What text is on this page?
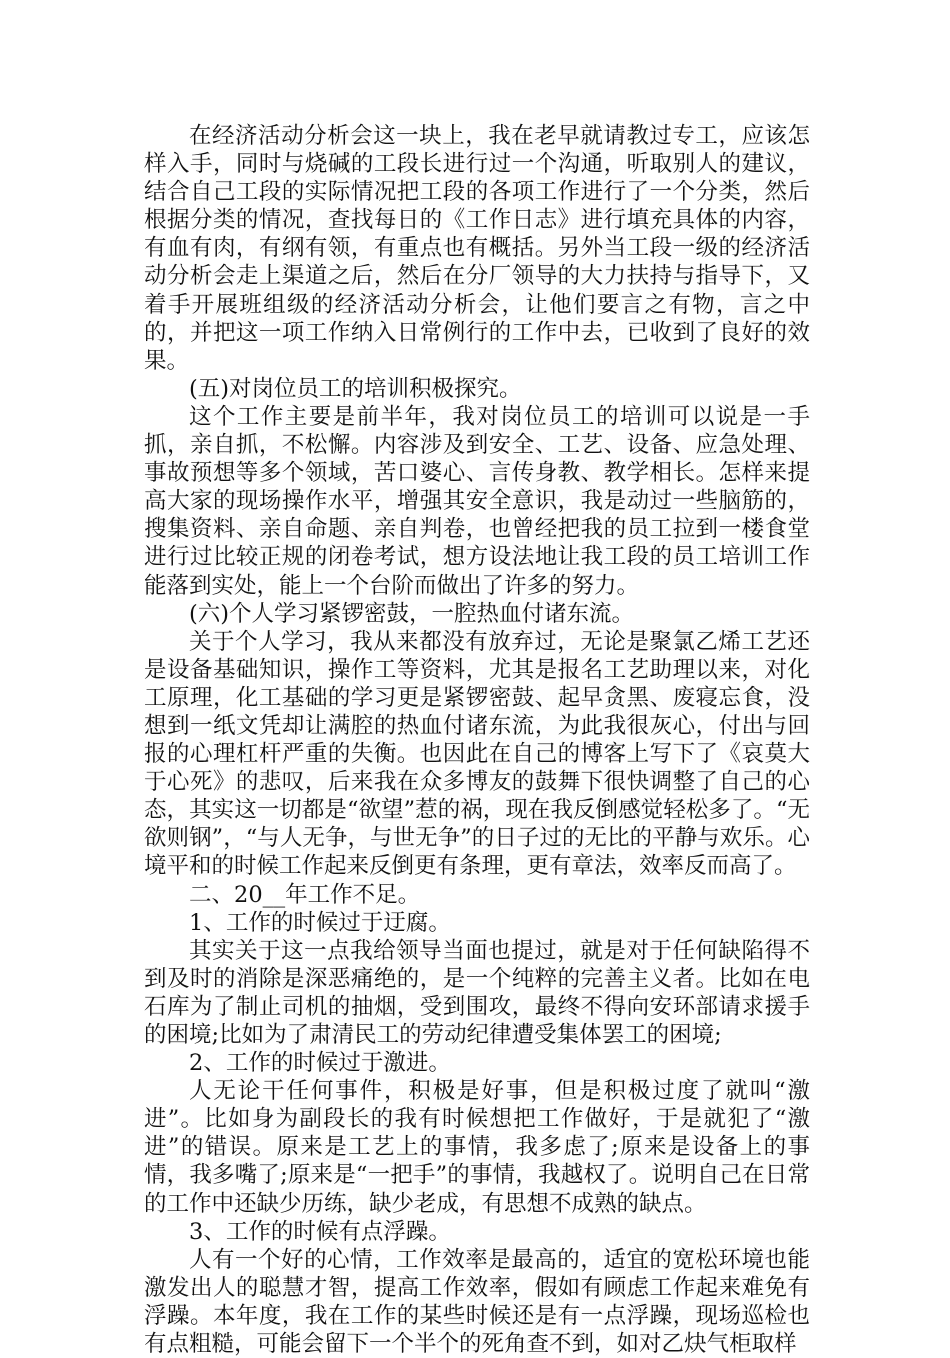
在经济活动分析会这一块上，我在老早就请教过专工，应该怎样入手，同时与烧碱的工段长进行过一个沟通，听取别人的建议，结合自己工段的实际情况把工段的各项工作进行了一个分类，然后根据分类的情况，查找每日的《工作日志》进行填充具体的内容，有血有肉，有纲有领，有重点也有概括。另外当工段一级的经济活动分析会走上渠道之后，然后在分厂领导的大力扶持与指导下，又着手开展班组级的经济活动分析会，让他们要言之有物，言之中的，并把这一项工作纳入日常例行的工作中去，已收到了良好的效果。

(五)对岗位员工的培训积极探究。

这个工作主要是前半年，我对岗位员工的培训可以说是一手抓，亲自抓，不松懈。内容涉及到安全、工艺、设备、应急处理、事故预想等多个领域，苦口婆心、言传身教、教学相长。怎样来提高大家的现场操作水平，增强其安全意识，我是动过一些脑筋的，搜集资料、亲自命题、亲自判卷，也曾经把我的员工拉到一楼食堂进行过比较正规的闭卷考试，想方设法地让我工段的员工培训工作能落到实处，能上一个台阶而做出了许多的努力。

(六)个人学习紧锣密鼓，一腔热血付诸东流。

关于个人学习，我从来都没有放弃过，无论是聚氯乙烯工艺还是设备基础知识，操作工等资料，尤其是报名工艺助理以来，对化工原理，化工基础的学习更是紧锣密鼓、起早贪黑、废寝忘食，没想到一纸文凭却让满腔的热血付诸东流，为此我很灰心，付出与回报的心理杠杆严重的失衡。也因此在自己的博客上写下了《哀莫大于心死》的悲叹，后来我在众多博友的鼓舞下很快调整了自己的心态，其实这一切都是“欲望”惹的祸，现在我反倒感觉轻松多了。“无欲则钢”，“与人无争，与世无争”的日子过的无比的平静与欢乐。心境平和的时候工作起来反倒更有条理，更有章法，效率反而高了。

二、20__年工作不足。

1、工作的时候过于迂腐。

其实关于这一点我给领导当面也提过，就是对于任何缺陷得不到及时的消除是深恶痛绝的，是一个纯粹的完善主义者。比如在电石库为了制止司机的抽烟，受到围攻，最终不得向安环部请求援手的困境;比如为了肃清民工的劳动纪律遭受集体罢工的困境;

2、工作的时候过于激进。

人无论干任何事件，积极是好事，但是积极过度了就叫“激进”。比如身为副段长的我有时候想把工作做好，于是就犯了“激进”的错误。原来是工艺上的事情，我多虑了;原来是设备上的事情，我多嘴了;原来是“一把手”的事情，我越权了。说明自己在日常的工作中还缺少历练，缺少老成，有思想不成熟的缺点。

3、工作的时候有点浮躁。

人有一个好的心情，工作效率是最高的，适宜的宽松环境也能激发出人的聪慧才智，提高工作效率，假如有顾虑工作起来难免有浮躁。本年度，我在工作的某些时候还是有一点浮躁，现场巡检也有点粗糙，可能会留下一个半个的死角查不到，如对乙炔气柜取样
